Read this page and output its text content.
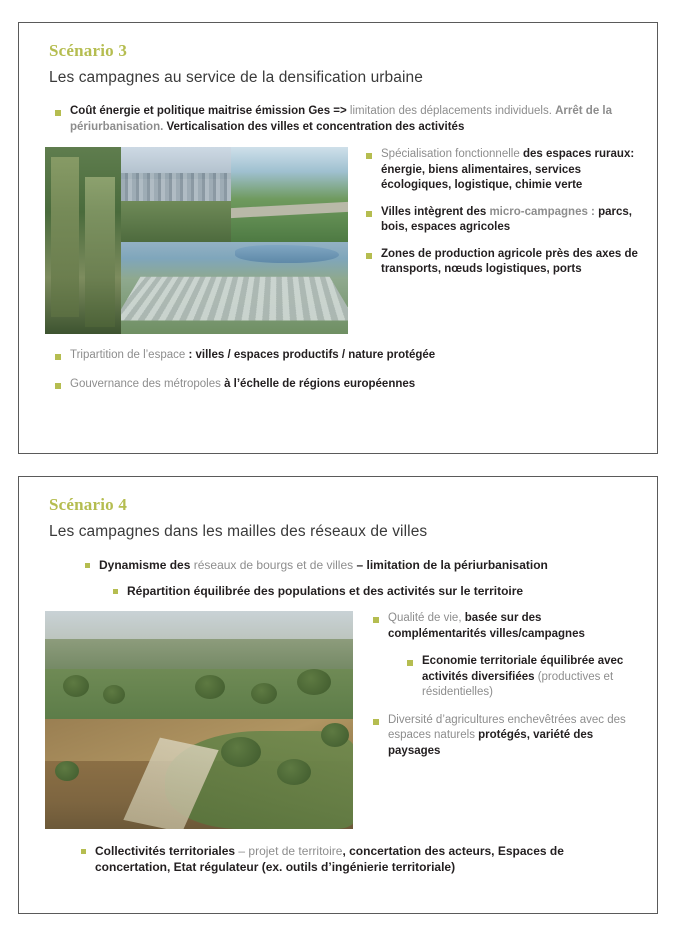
Scénario 3
Les campagnes au service de la densification urbaine
Coût énergie et politique maitrise émission Ges => limitation des déplacements individuels. Arrêt de la périurbanisation. Verticalisation des villes et concentration des activités
Spécialisation fonctionnelle des espaces ruraux: énergie, biens alimentaires, services écologiques, logistique, chimie verte
Villes intègrent des micro-campagnes : parcs, bois, espaces agricoles
Zones de production agricole près des axes de transports, nœuds logistiques, ports
Tripartition de l’espace : villes / espaces productifs / nature protégée
Gouvernance des métropoles à l’échelle de régions européennes
Scénario 4
Les campagnes dans les mailles des réseaux de villes
Dynamisme des réseaux de bourgs et de villes – limitation de la périurbanisation
Répartition équilibrée des populations et des activités sur le territoire
Qualité de vie, basée sur des complémentarités villes/campagnes
Economie territoriale équilibrée avec activités diversifiées (productives et résidentielles)
Diversité d’agricultures enchevêtrées avec des espaces naturels protégés, variété des paysages
Collectivités territoriales – projet de territoire, concertation des acteurs, Espaces de concertation, Etat régulateur (ex. outils d’ingénierie territoriale)
